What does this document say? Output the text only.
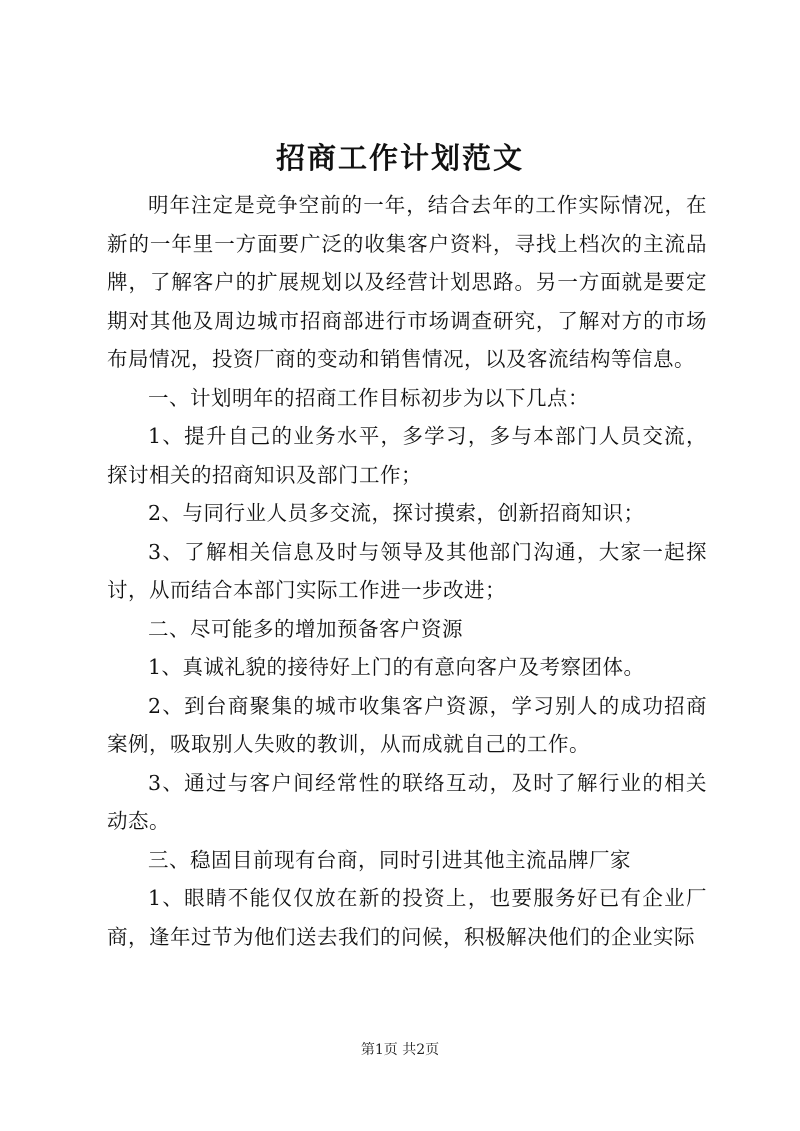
招商工作计划范文

明年注定是竞争空前的一年，结合去年的工作实际情况，在新的一年里一方面要广泛的收集客户资料，寻找上档次的主流品牌，了解客户的扩展规划以及经营计划思路。另一方面就是要定期对其他及周边城市招商部进行市场调查研究，了解对方的市场布局情况，投资厂商的变动和销售情况，以及客流结构等信息。

一、计划明年的招商工作目标初步为以下几点：

1、提升自己的业务水平，多学习，多与本部门人员交流，探讨相关的招商知识及部门工作；

2、与同行业人员多交流，探讨摸索，创新招商知识；

3、了解相关信息及时与领导及其他部门沟通，大家一起探讨，从而结合本部门实际工作进一步改进；

二、尽可能多的增加预备客户资源

1、真诚礼貌的接待好上门的有意向客户及考察团体。

2、到台商聚集的城市收集客户资源，学习别人的成功招商案例，吸取别人失败的教训，从而成就自己的工作。

3、通过与客户间经常性的联络互动，及时了解行业的相关动态。

三、稳固目前现有台商，同时引进其他主流品牌厂家

1、眼睛不能仅仅放在新的投资上，也要服务好已有企业厂商，逢年过节为他们送去我们的问候，积极解决他们的企业实际

第1页 共2页
